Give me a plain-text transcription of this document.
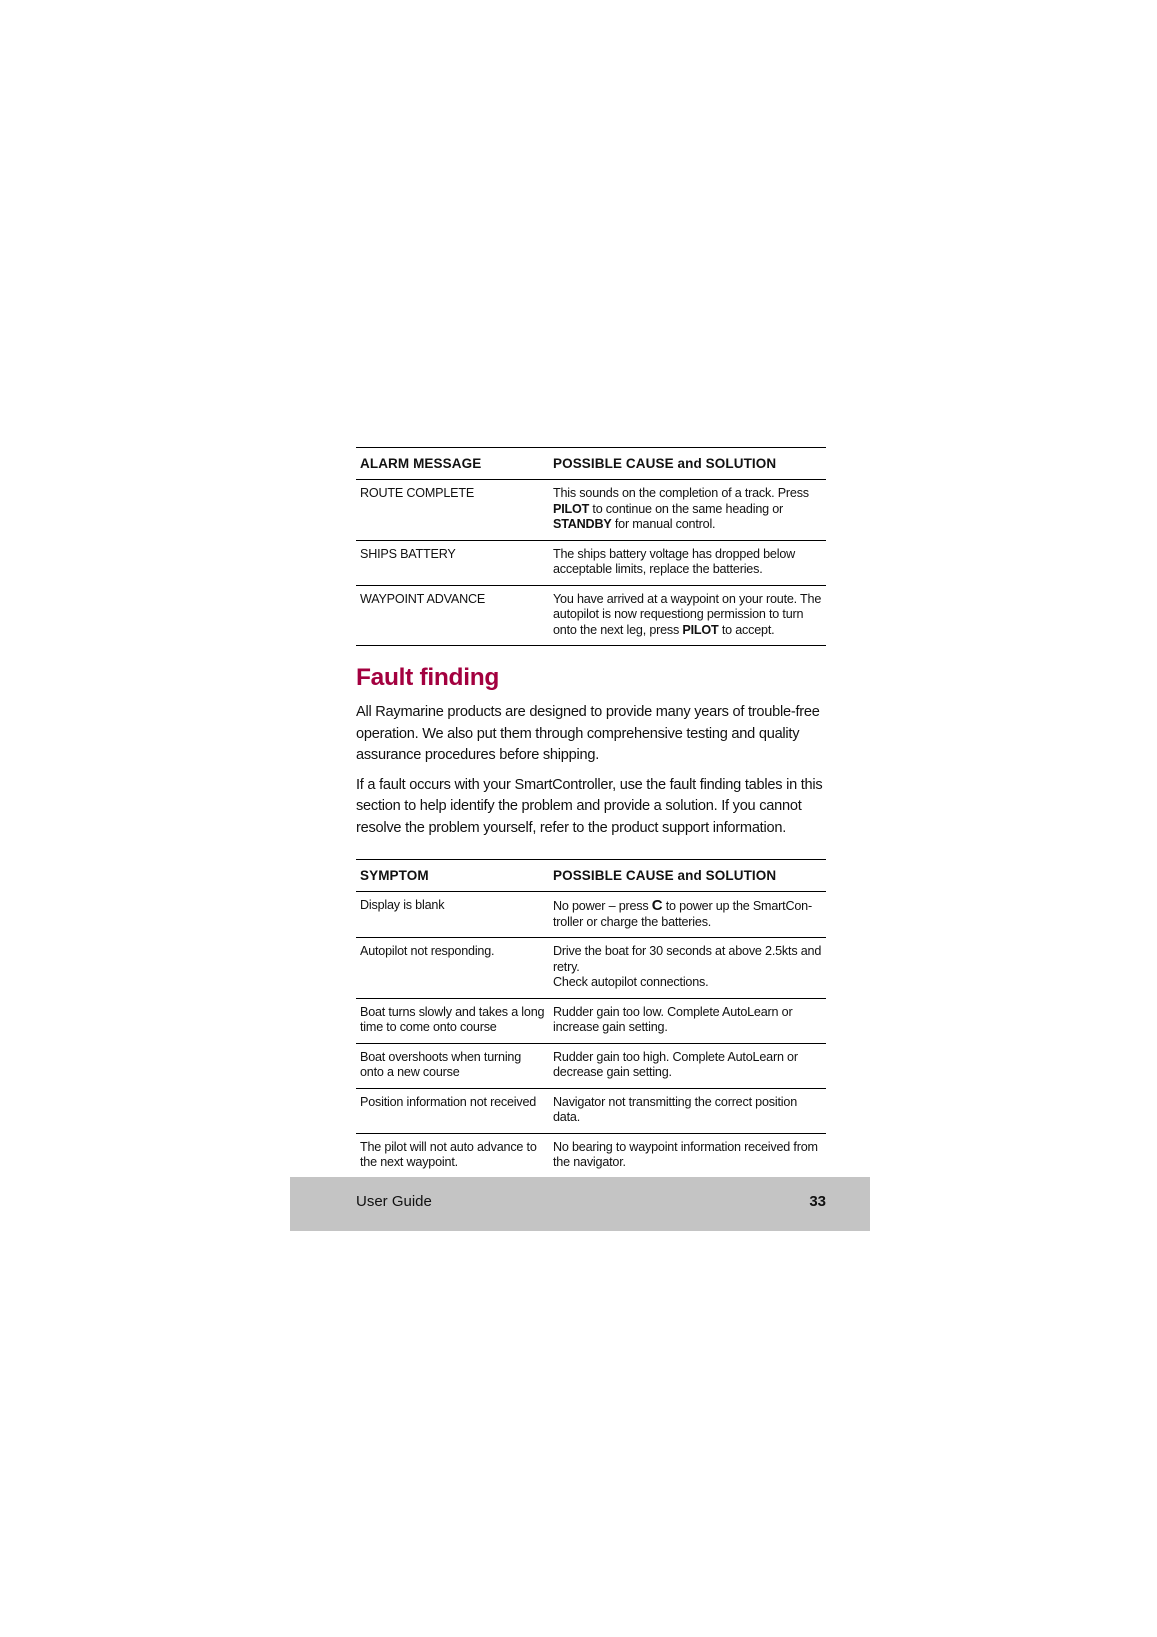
ALARM MESSAGE	POSSIBLE CAUSE and SOLUTION
ROUTE COMPLETE	This sounds on the completion of a track. Press PILOT to continue on the same heading or STANDBY for manual control.
SHIPS BATTERY	The ships battery voltage has dropped below acceptable limits, replace the batteries.
WAYPOINT ADVANCE	You have arrived at a waypoint on your route. The autopilot is now requestiong permission to turn onto the next leg, press PILOT to accept.
Fault finding

All Raymarine products are designed to provide many years of trouble-free operation. We also put them through comprehensive testing and quality assurance procedures before shipping.

If a fault occurs with your SmartController, use the fault finding tables in this section to help identify the problem and provide a solution. If you cannot resolve the problem yourself, refer to the product support information.

SYMPTOM	POSSIBLE CAUSE and SOLUTION
Display is blank	No power – press C to power up the SmartCon-troller or charge the batteries.
Autopilot not responding.	Drive the boat for 30 seconds at above 2.5kts and retry.
Check autopilot connections.

Boat turns slowly and takes a long time to come onto course	Rudder gain too low. Complete AutoLearn or increase gain setting.
Boat overshoots when turning onto a new course	Rudder gain too high. Complete AutoLearn or decrease gain setting.
Position information not received	Navigator not transmitting the correct position data.
The pilot will not auto advance to the next waypoint.	No bearing to waypoint information received from the navigator.
User Guide	33
